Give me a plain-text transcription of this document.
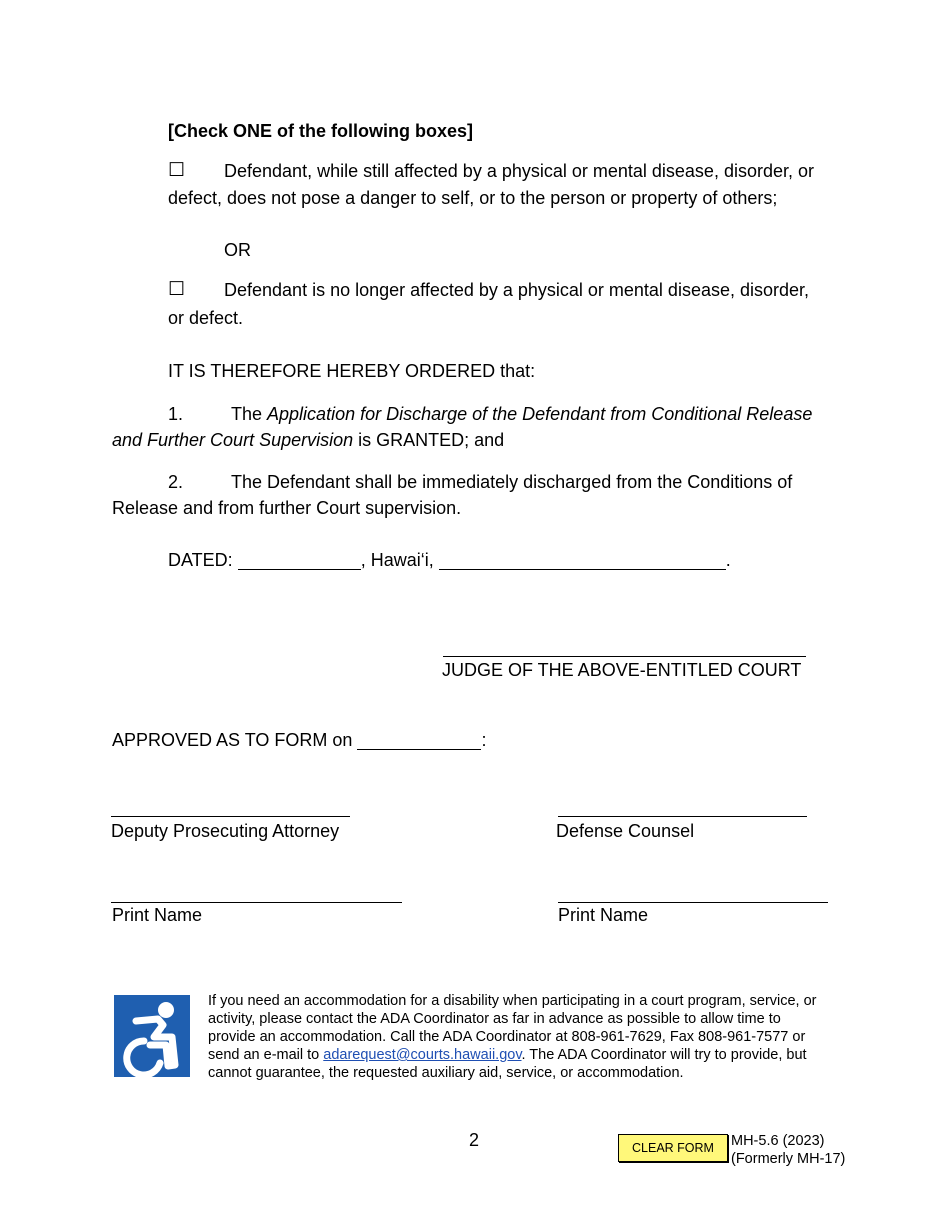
[Check ONE of the following boxes]
☐ Defendant, while still affected by a physical or mental disease, disorder, or
defect, does not pose a danger to self, or to the person or property of others;
OR
☐ Defendant is no longer affected by a physical or mental disease, disorder,
or defect.
IT IS THEREFORE HEREBY ORDERED that:
1.	The Application for Discharge of the Defendant from Conditional Release
and Further Court Supervision is GRANTED; and
2.	The Defendant shall be immediately discharged from the Conditions of
Release and from further Court supervision.
DATED:	, Hawai‘i,	.
JUDGE OF THE ABOVE-ENTITLED COURT
APPROVED AS TO FORM on	:
Deputy Prosecuting Attorney	Defense Counsel
Print Name	Print Name
If you need an accommodation for a disability when participating in a court program, service, or activity, please contact the ADA Coordinator as far in advance as possible to allow time to provide an accommodation. Call the ADA Coordinator at 808-961-7629, Fax 808-961-7577 or send an e-mail to adarequest@courts.hawaii.gov. The ADA Coordinator will try to provide, but cannot guarantee, the requested auxiliary aid, service, or accommodation.
2	CLEAR FORM	MH-5.6 (2023)
(Formerly MH-17)
